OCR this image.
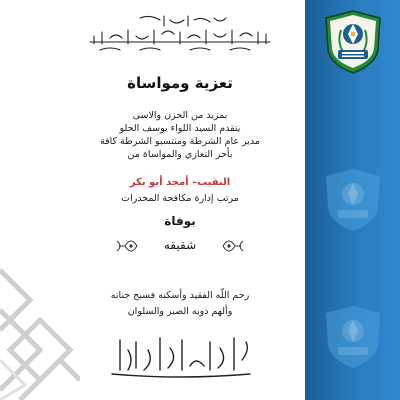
تعزية ومواساة
بمزيد من الحزن والاسى
يتقدم السيد اللواء يوسف الحلو
مدير عام الشرطة ومنتسبو الشرطة كافة
بأحر التعازي والمواساة من
النقيب– أمجد أبو بكر
مرتب إدارة مكافحة المخدرات
بوفاة
شقيقه
رحم اللّه الفقيد وأسكنه فسيح جناته
وألهم ذويه الصبر والسلوان
